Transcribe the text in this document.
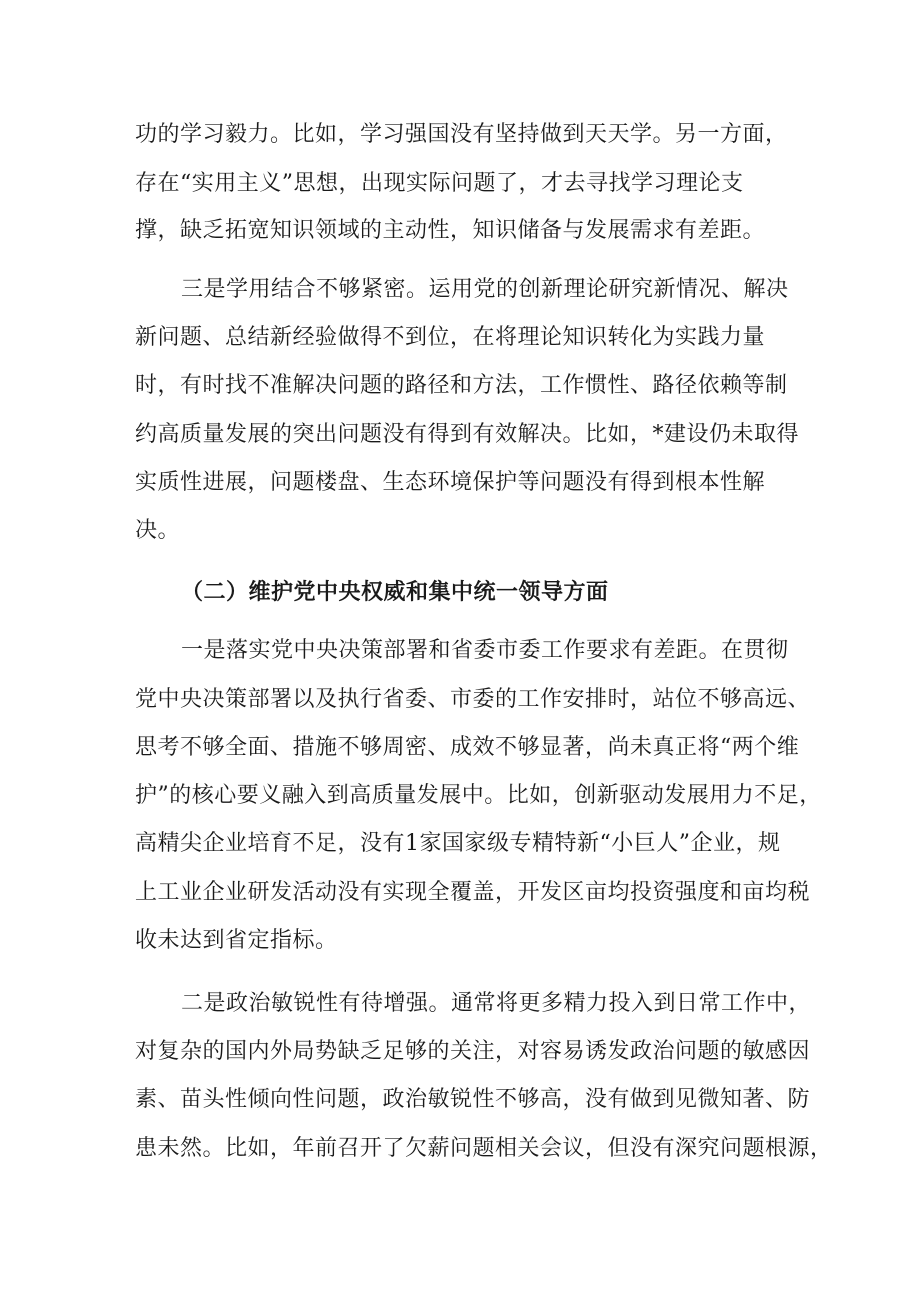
功的学习毅力。比如，学习强国没有坚持做到天天学。另一方面，
存在“实用主义”思想，出现实际问题了，才去寻找学习理论支
撑，缺乏拓宽知识领域的主动性，知识储备与发展需求有差距。
三是学用结合不够紧密。运用党的创新理论研究新情况、解决
新问题、总结新经验做得不到位，在将理论知识转化为实践力量
时，有时找不准解决问题的路径和方法，工作惯性、路径依赖等制
约高质量发展的突出问题没有得到有效解决。比如，*建设仍未取得
实质性进展，问题楼盘、生态环境保护等问题没有得到根本性解
决。
（二）维护党中央权威和集中统一领导方面
一是落实党中央决策部署和省委市委工作要求有差距。在贯彻
党中央决策部署以及执行省委、市委的工作安排时，站位不够高远、
思考不够全面、措施不够周密、成效不够显著，尚未真正将“两个维
护”的核心要义融入到高质量发展中。比如，创新驱动发展用力不足，
高精尖企业培育不足，没有1家国家级专精特新“小巨人”企业，规
上工业企业研发活动没有实现全覆盖，开发区亩均投资强度和亩均税
收未达到省定指标。
二是政治敏锐性有待增强。通常将更多精力投入到日常工作中，
对复杂的国内外局势缺乏足够的关注，对容易诱发政治问题的敏感因
素、苗头性倾向性问题，政治敏锐性不够高，没有做到见微知著、防
患未然。比如，年前召开了欠薪问题相关会议，但没有深究问题根源，
